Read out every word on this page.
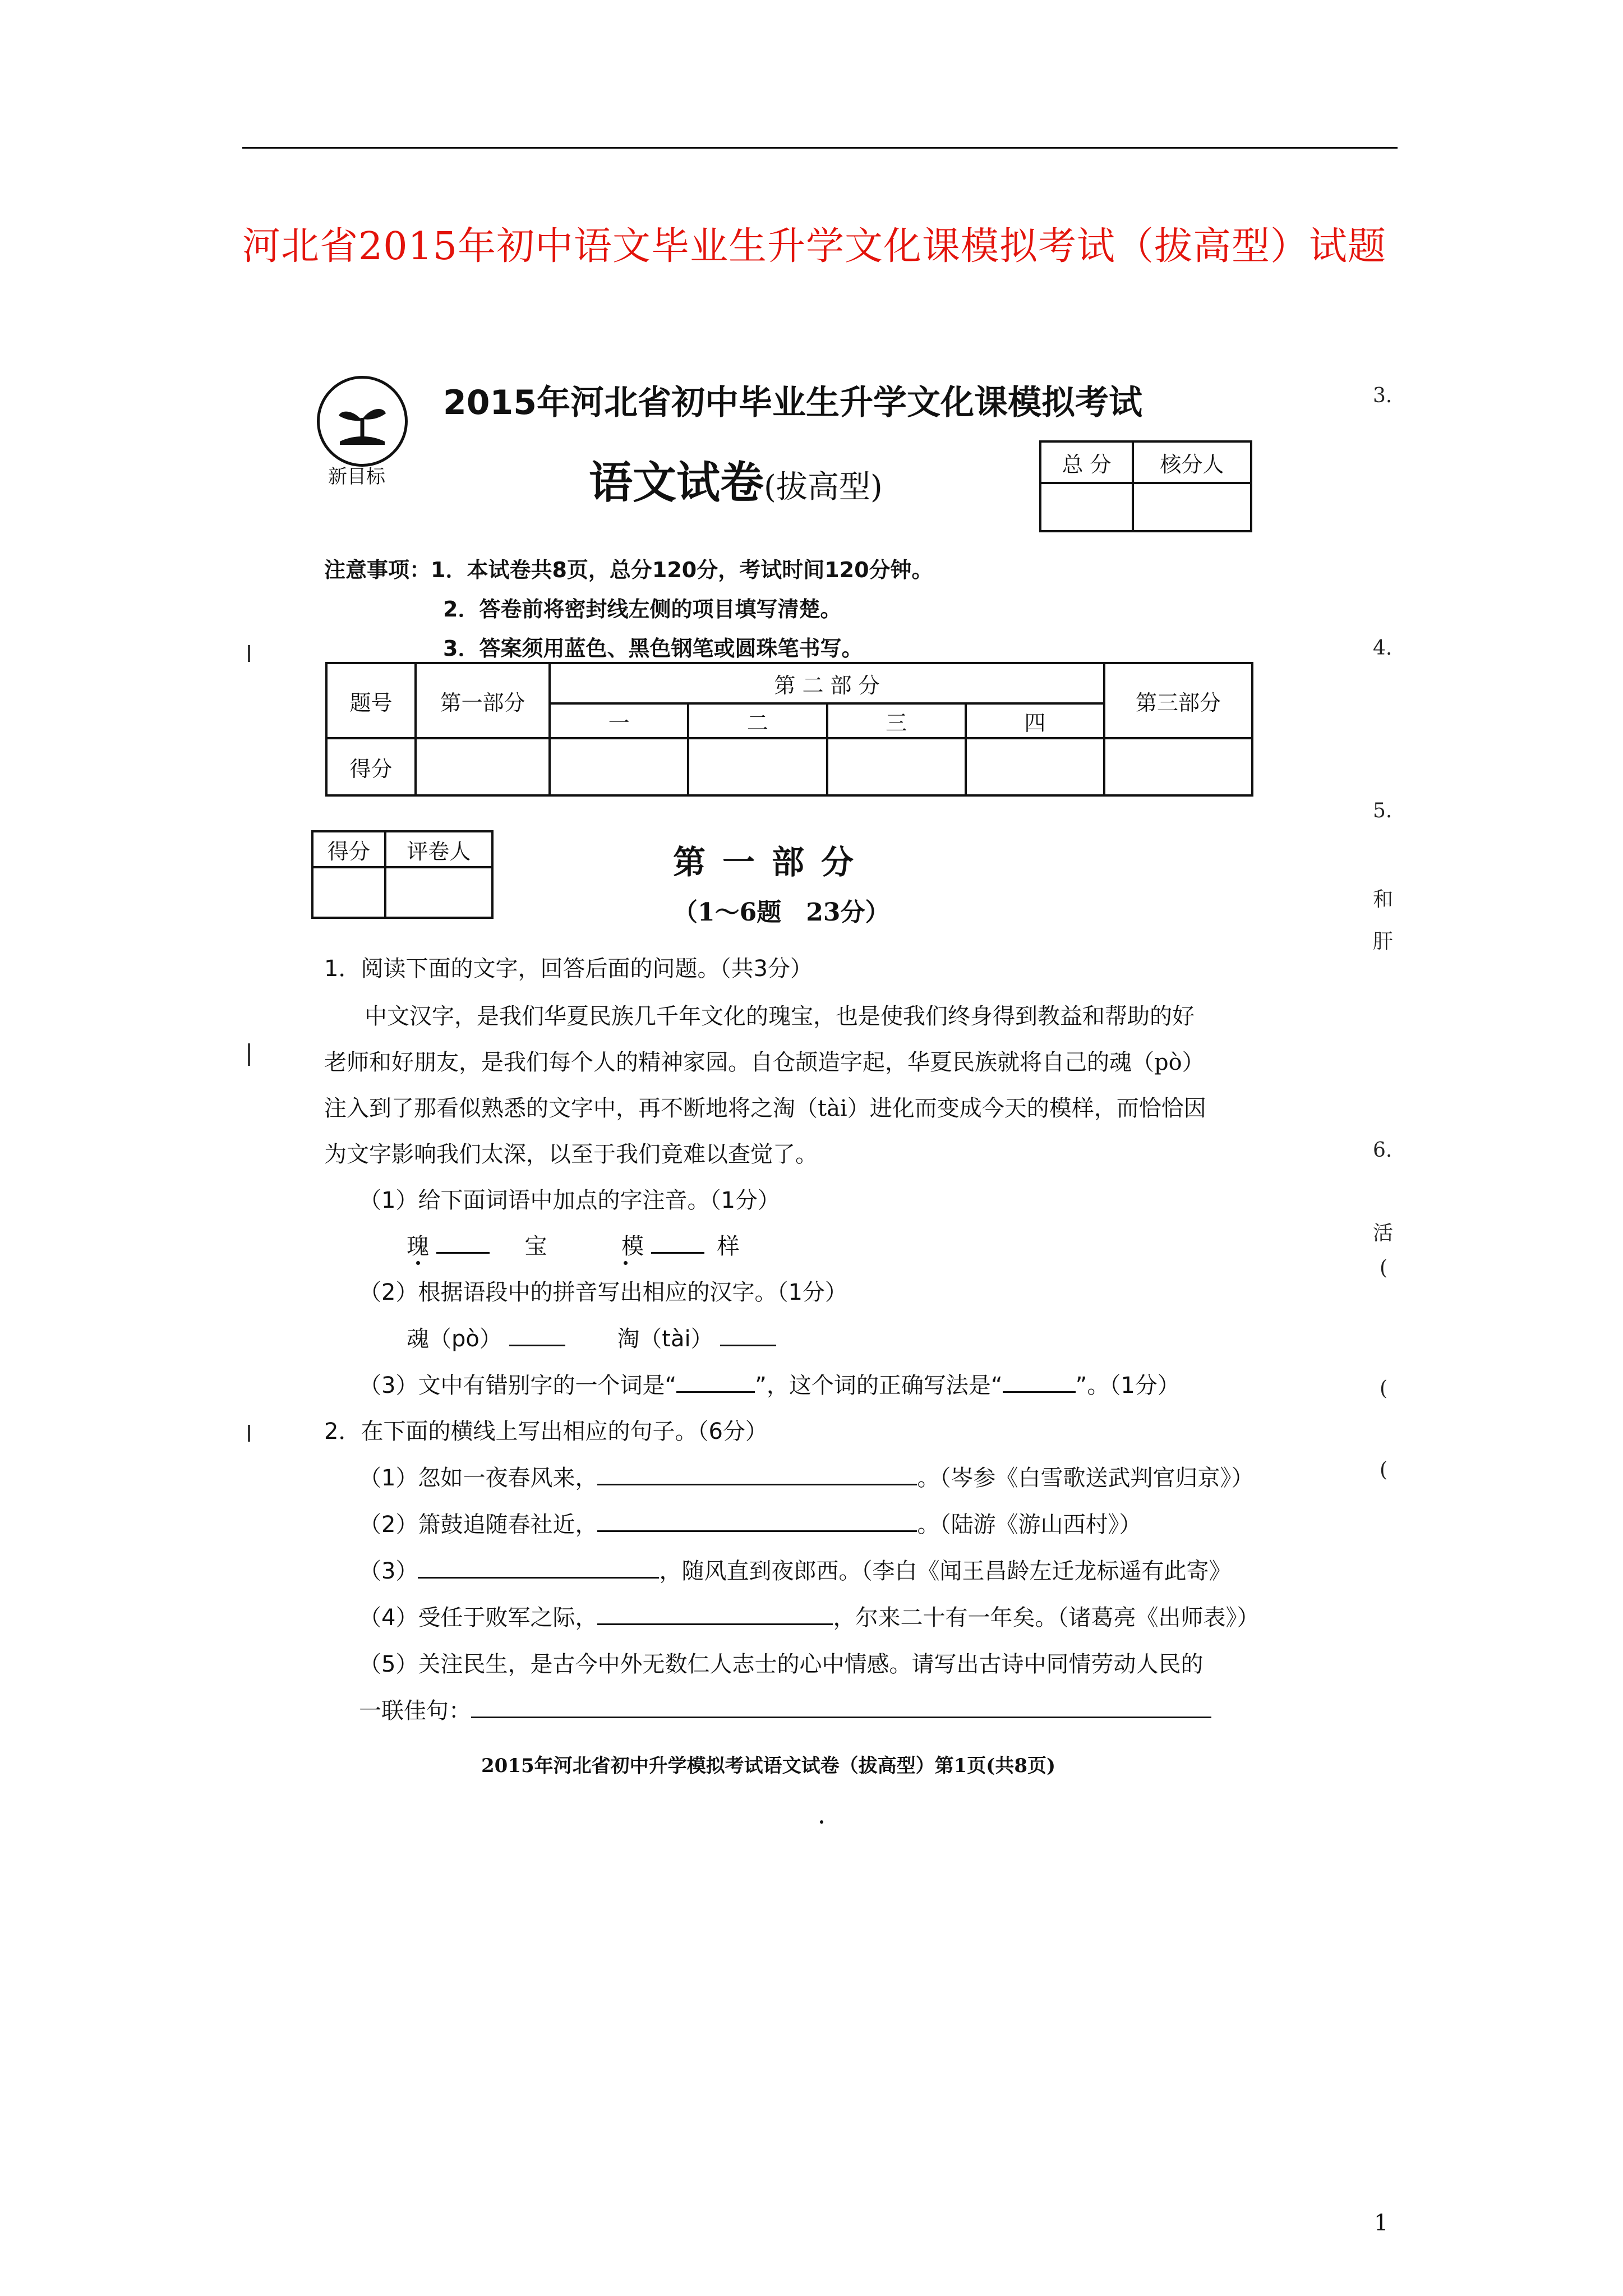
河北省2015年初中语文毕业生升学文化课模拟考试（拔高型）试题
新目标
2015年河北省初中毕业生升学文化课模拟考试
语文试卷(拔高型)
总 分	核分人

注意事项：1．本试卷共8页，总分120分，考试时间120分钟。
2．答卷前将密封线左侧的项目填写清楚。
3．答案须用蓝色、黑色钢笔或圆珠笔书写。
题号	第一部分	第 二 部 分				第三部分
		一	二	三	四	
得分						
得分	评卷人
		第一部分
（1～6题　23分）
1．阅读下面的文字，回答后面的问题。（共3分）
中文汉字，是我们华夏民族几千年文化的瑰宝，也是使我们终身得到教益和帮助的好
老师和好朋友，是我们每个人的精神家园。自仓颉造字起，华夏民族就将自己的魂（pò）
注入到了那看似熟悉的文字中，再不断地将之淘（tài）进化而变成今天的模样，而恰恰因
为文字影响我们太深，以至于我们竟难以查觉了。
（1）给下面词语中加点的字注音。（1分）
瑰	宝	模	样
（2）根据语段中的拼音写出相应的汉字。（1分）
魂（pò）	淘（tài）
（3）文中有错别字的一个词是“	”，这个词的正确写法是“	”。（1分）
2．在下面的横线上写出相应的句子。（6分）
（1）忽如一夜春风来，	。（岑参《白雪歌送武判官归京》）
（2）箫鼓追随春社近，	。（陆游《游山西村》）
（3）	，随风直到夜郎西。（李白《闻王昌龄左迁龙标遥有此寄》
（4）受任于败军之际，	，尔来二十有一年矣。（诸葛亮《出师表》）
（5）关注民生，是古今中外无数仁人志士的心中情感。请写出古诗中同情劳动人民的
一联佳句：
2015年河北省初中升学模拟考试语文试卷（拔高型）第1页(共8页)
3.
4.
5.
和
肝
6.
活
(
(
(
1
